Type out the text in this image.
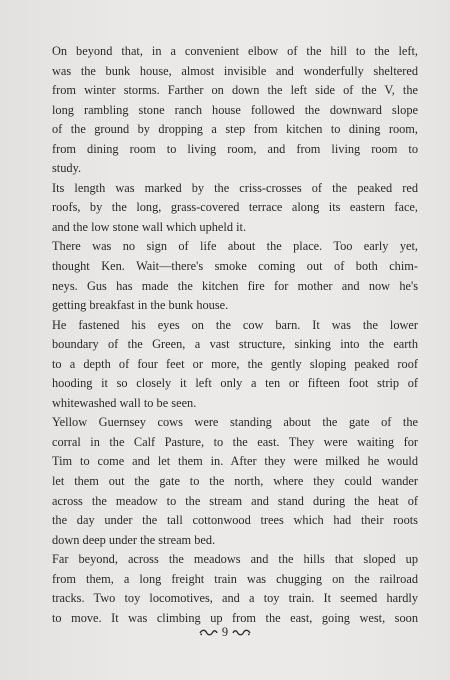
On beyond that, in a convenient elbow of the hill to the left,
was the bunk house, almost invisible and wonderfully sheltered
from winter storms. Farther on down the left side of the V, the
long rambling stone ranch house followed the downward slope
of the ground by dropping a step from kitchen to dining room,
from dining room to living room, and from living room to
study.

Its length was marked by the criss-crosses of the peaked red
roofs, by the long, grass-covered terrace along its eastern face,
and the low stone wall which upheld it.

There was no sign of life about the place. Too early yet,
thought Ken. Wait—there's smoke coming out of both chim-
neys. Gus has made the kitchen fire for mother and now he's
getting breakfast in the bunk house.

He fastened his eyes on the cow barn. It was the lower
boundary of the Green, a vast structure, sinking into the earth
to a depth of four feet or more, the gently sloping peaked roof
hooding it so closely it left only a ten or fifteen foot strip of
whitewashed wall to be seen.

Yellow Guernsey cows were standing about the gate of the
corral in the Calf Pasture, to the east. They were waiting for
Tim to come and let them in. After they were milked he would
let them out the gate to the north, where they could wander
across the meadow to the stream and stand during the heat of
the day under the tall cottonwood trees which had their roots
down deep under the stream bed.

Far beyond, across the meadows and the hills that sloped up
from them, a long freight train was chugging on the railroad
tracks. Two toy locomotives, and a toy train. It seemed hardly
to move. It was climbing up from the east, going west, soon

9
